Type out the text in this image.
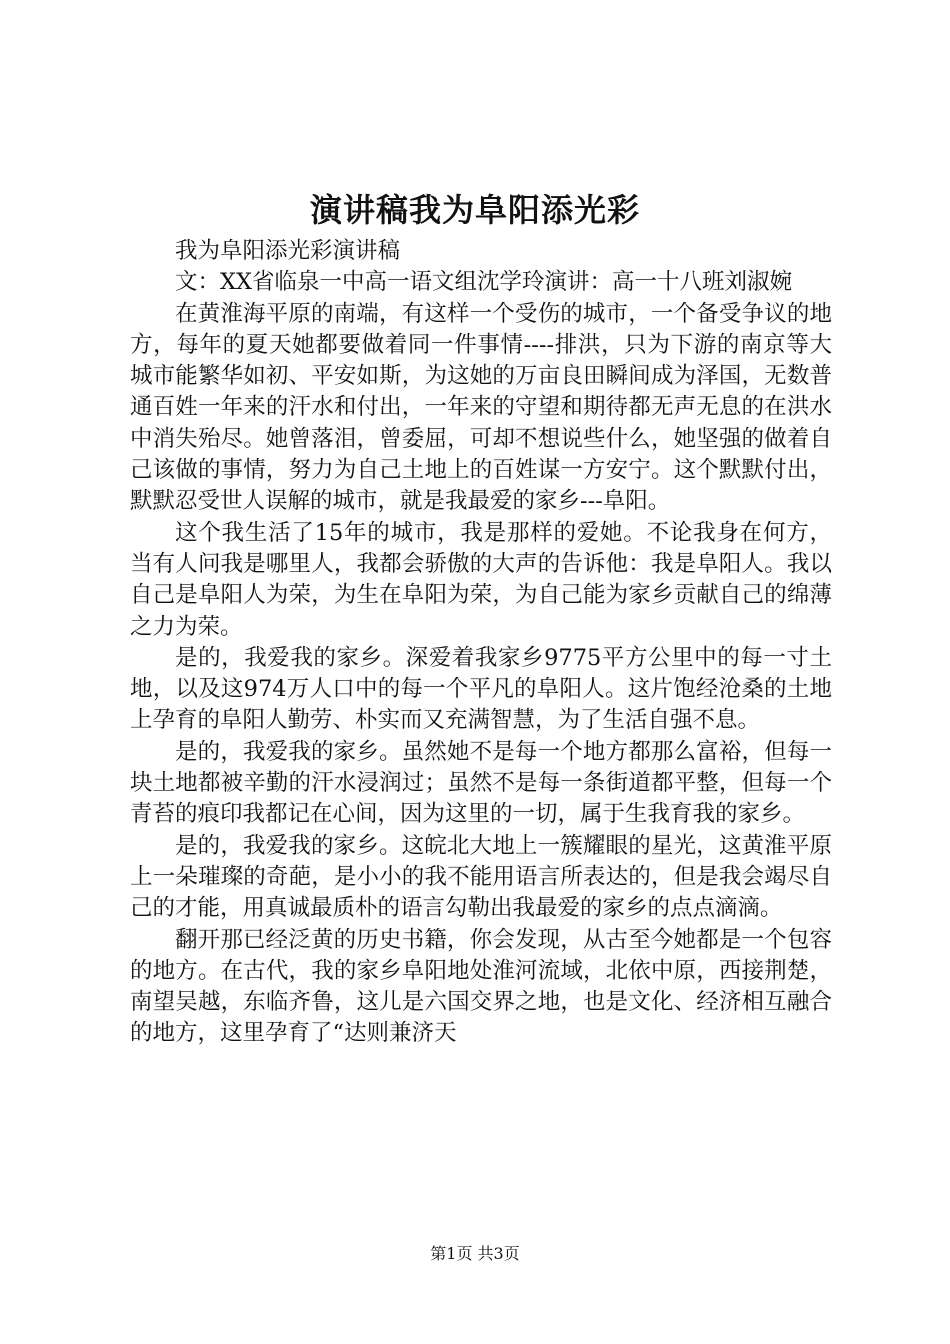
演讲稿我为阜阳添光彩

我为阜阳添光彩演讲稿

文：XX省临泉一中高一语文组沈学玲演讲：高一十八班刘淑婉

在黄淮海平原的南端，有这样一个受伤的城市，一个备受争议的地方，每年的夏天她都要做着同一件事情----排洪，只为下游的南京等大城市能繁华如初、平安如斯，为这她的万亩良田瞬间成为泽国，无数普通百姓一年来的汗水和付出，一年来的守望和期待都无声无息的在洪水中消失殆尽。她曾落泪，曾委屈，可却不想说些什么，她坚强的做着自己该做的事情，努力为自己土地上的百姓谋一方安宁。这个默默付出，默默忍受世人误解的城市，就是我最爱的家乡---阜阳。

这个我生活了15年的城市，我是那样的爱她。不论我身在何方，当有人问我是哪里人，我都会骄傲的大声的告诉他：我是阜阳人。我以自己是阜阳人为荣，为生在阜阳为荣，为自己能为家乡贡献自己的绵薄之力为荣。

是的，我爱我的家乡。深爱着我家乡9775平方公里中的每一寸土地，以及这974万人口中的每一个平凡的阜阳人。这片饱经沧桑的土地上孕育的阜阳人勤劳、朴实而又充满智慧，为了生活自强不息。

是的，我爱我的家乡。虽然她不是每一个地方都那么富裕，但每一块土地都被辛勤的汗水浸润过；虽然不是每一条街道都平整，但每一个青苔的痕印我都记在心间，因为这里的一切，属于生我育我的家乡。

是的，我爱我的家乡。这皖北大地上一簇耀眼的星光，这黄淮平原上一朵璀璨的奇葩，是小小的我不能用语言所表达的，但是我会竭尽自己的才能，用真诚最质朴的语言勾勒出我最爱的家乡的点点滴滴。

翻开那已经泛黄的历史书籍，你会发现，从古至今她都是一个包容的地方。在古代，我的家乡阜阳地处淮河流域，北依中原，西接荆楚，南望吴越，东临齐鲁，这儿是六国交界之地，也是文化、经济相互融合的地方，这里孕育了“达则兼济天

第1页 共3页
